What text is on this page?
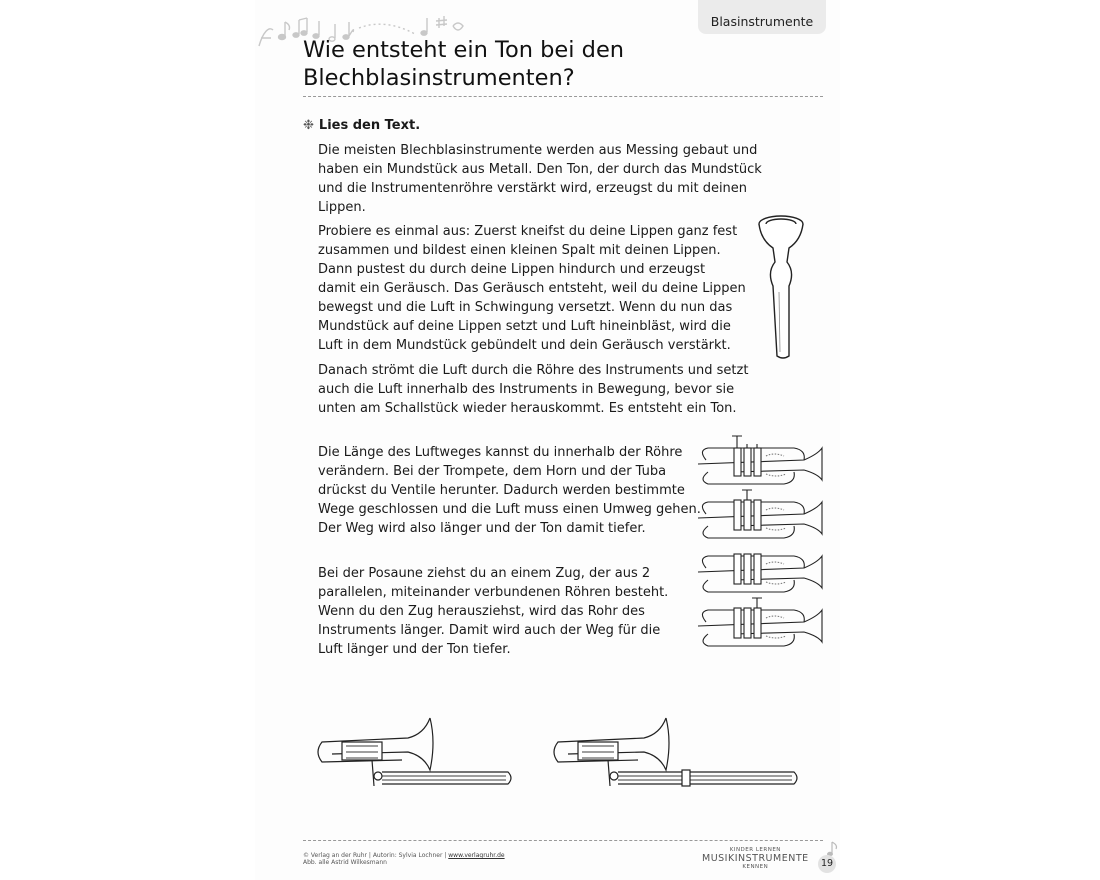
Blasinstrumente
Wie entsteht ein Ton bei den
Blechblasinstrumenten?
❉ Lies den Text.

Die meisten Blechblasinstrumente werden aus Messing gebaut und
haben ein Mundstück aus Metall. Den Ton, der durch das Mundstück
und die Instrumentenröhre verstärkt wird, erzeugst du mit deinen
Lippen.

Probiere es einmal aus: Zuerst kneifst du deine Lippen ganz fest
zusammen und bildest einen kleinen Spalt mit deinen Lippen.
Dann pustest du durch deine Lippen hindurch und erzeugst
damit ein Geräusch. Das Geräusch entsteht, weil du deine Lippen
bewegst und die Luft in Schwingung versetzt. Wenn du nun das
Mundstück auf deine Lippen setzt und Luft hineinbläst, wird die
Luft in dem Mundstück gebündelt und dein Geräusch verstärkt.

Danach strömt die Luft durch die Röhre des Instruments und setzt
auch die Luft innerhalb des Instruments in Bewegung, bevor sie
unten am Schallstück wieder herauskommt. Es entsteht ein Ton.

Die Länge des Luftweges kannst du innerhalb der Röhre
verändern. Bei der Trompete, dem Horn und der Tuba
drückst du Ventile herunter. Dadurch werden bestimmte
Wege geschlossen und die Luft muss einen Umweg gehen.
Der Weg wird also länger und der Ton damit tiefer.

Bei der Posaune ziehst du an einem Zug, der aus 2
parallelen, miteinander verbundenen Röhren besteht.
Wenn du den Zug herausziehst, wird das Rohr des
Instruments länger. Damit wird auch der Weg für die
Luft länger und der Ton tiefer.

© Verlag an der Ruhr | Autorin: Sylvia Lochner | www.verlagruhr.de
Abb. alle Astrid Wilkesmann
KINDER LERNEN
MUSIKINSTRUMENTE
KENNEN	19
